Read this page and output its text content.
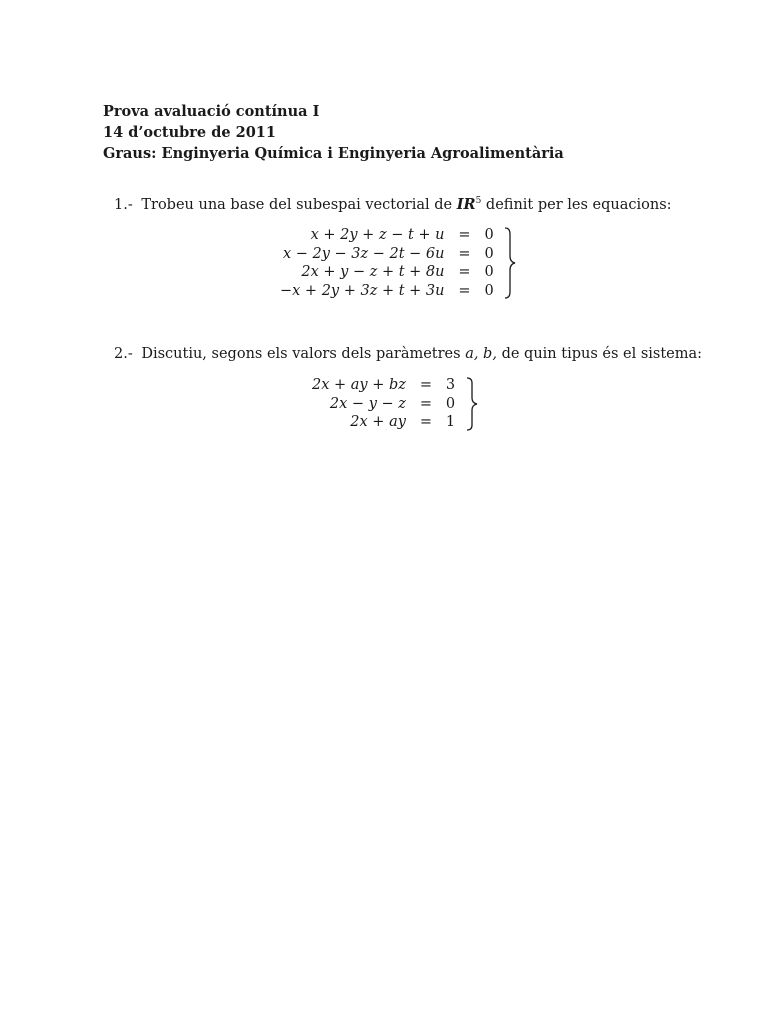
Prova avaluació contínua I
14 d’octubre de 2011
Graus: Enginyeria Química i Enginyeria Agroalimentària
1.- Trobeu una base del subespai vectorial de $IR^5$ definit per les equacions:
x + 2y + z − t + u	=	0	

x − 2y − 3z − 2t − 6u	=	0	
2x + y − z + t + 8u	=	0	
−x + 2y + 3z + t + 3u	=	0	
2.- Discutiu, segons els valors dels paràmetres a, b, de quin tipus és el sistema:
2x + ay + bz	=	3	

2x − y − z	=	0	
2x + ay	=	1	
